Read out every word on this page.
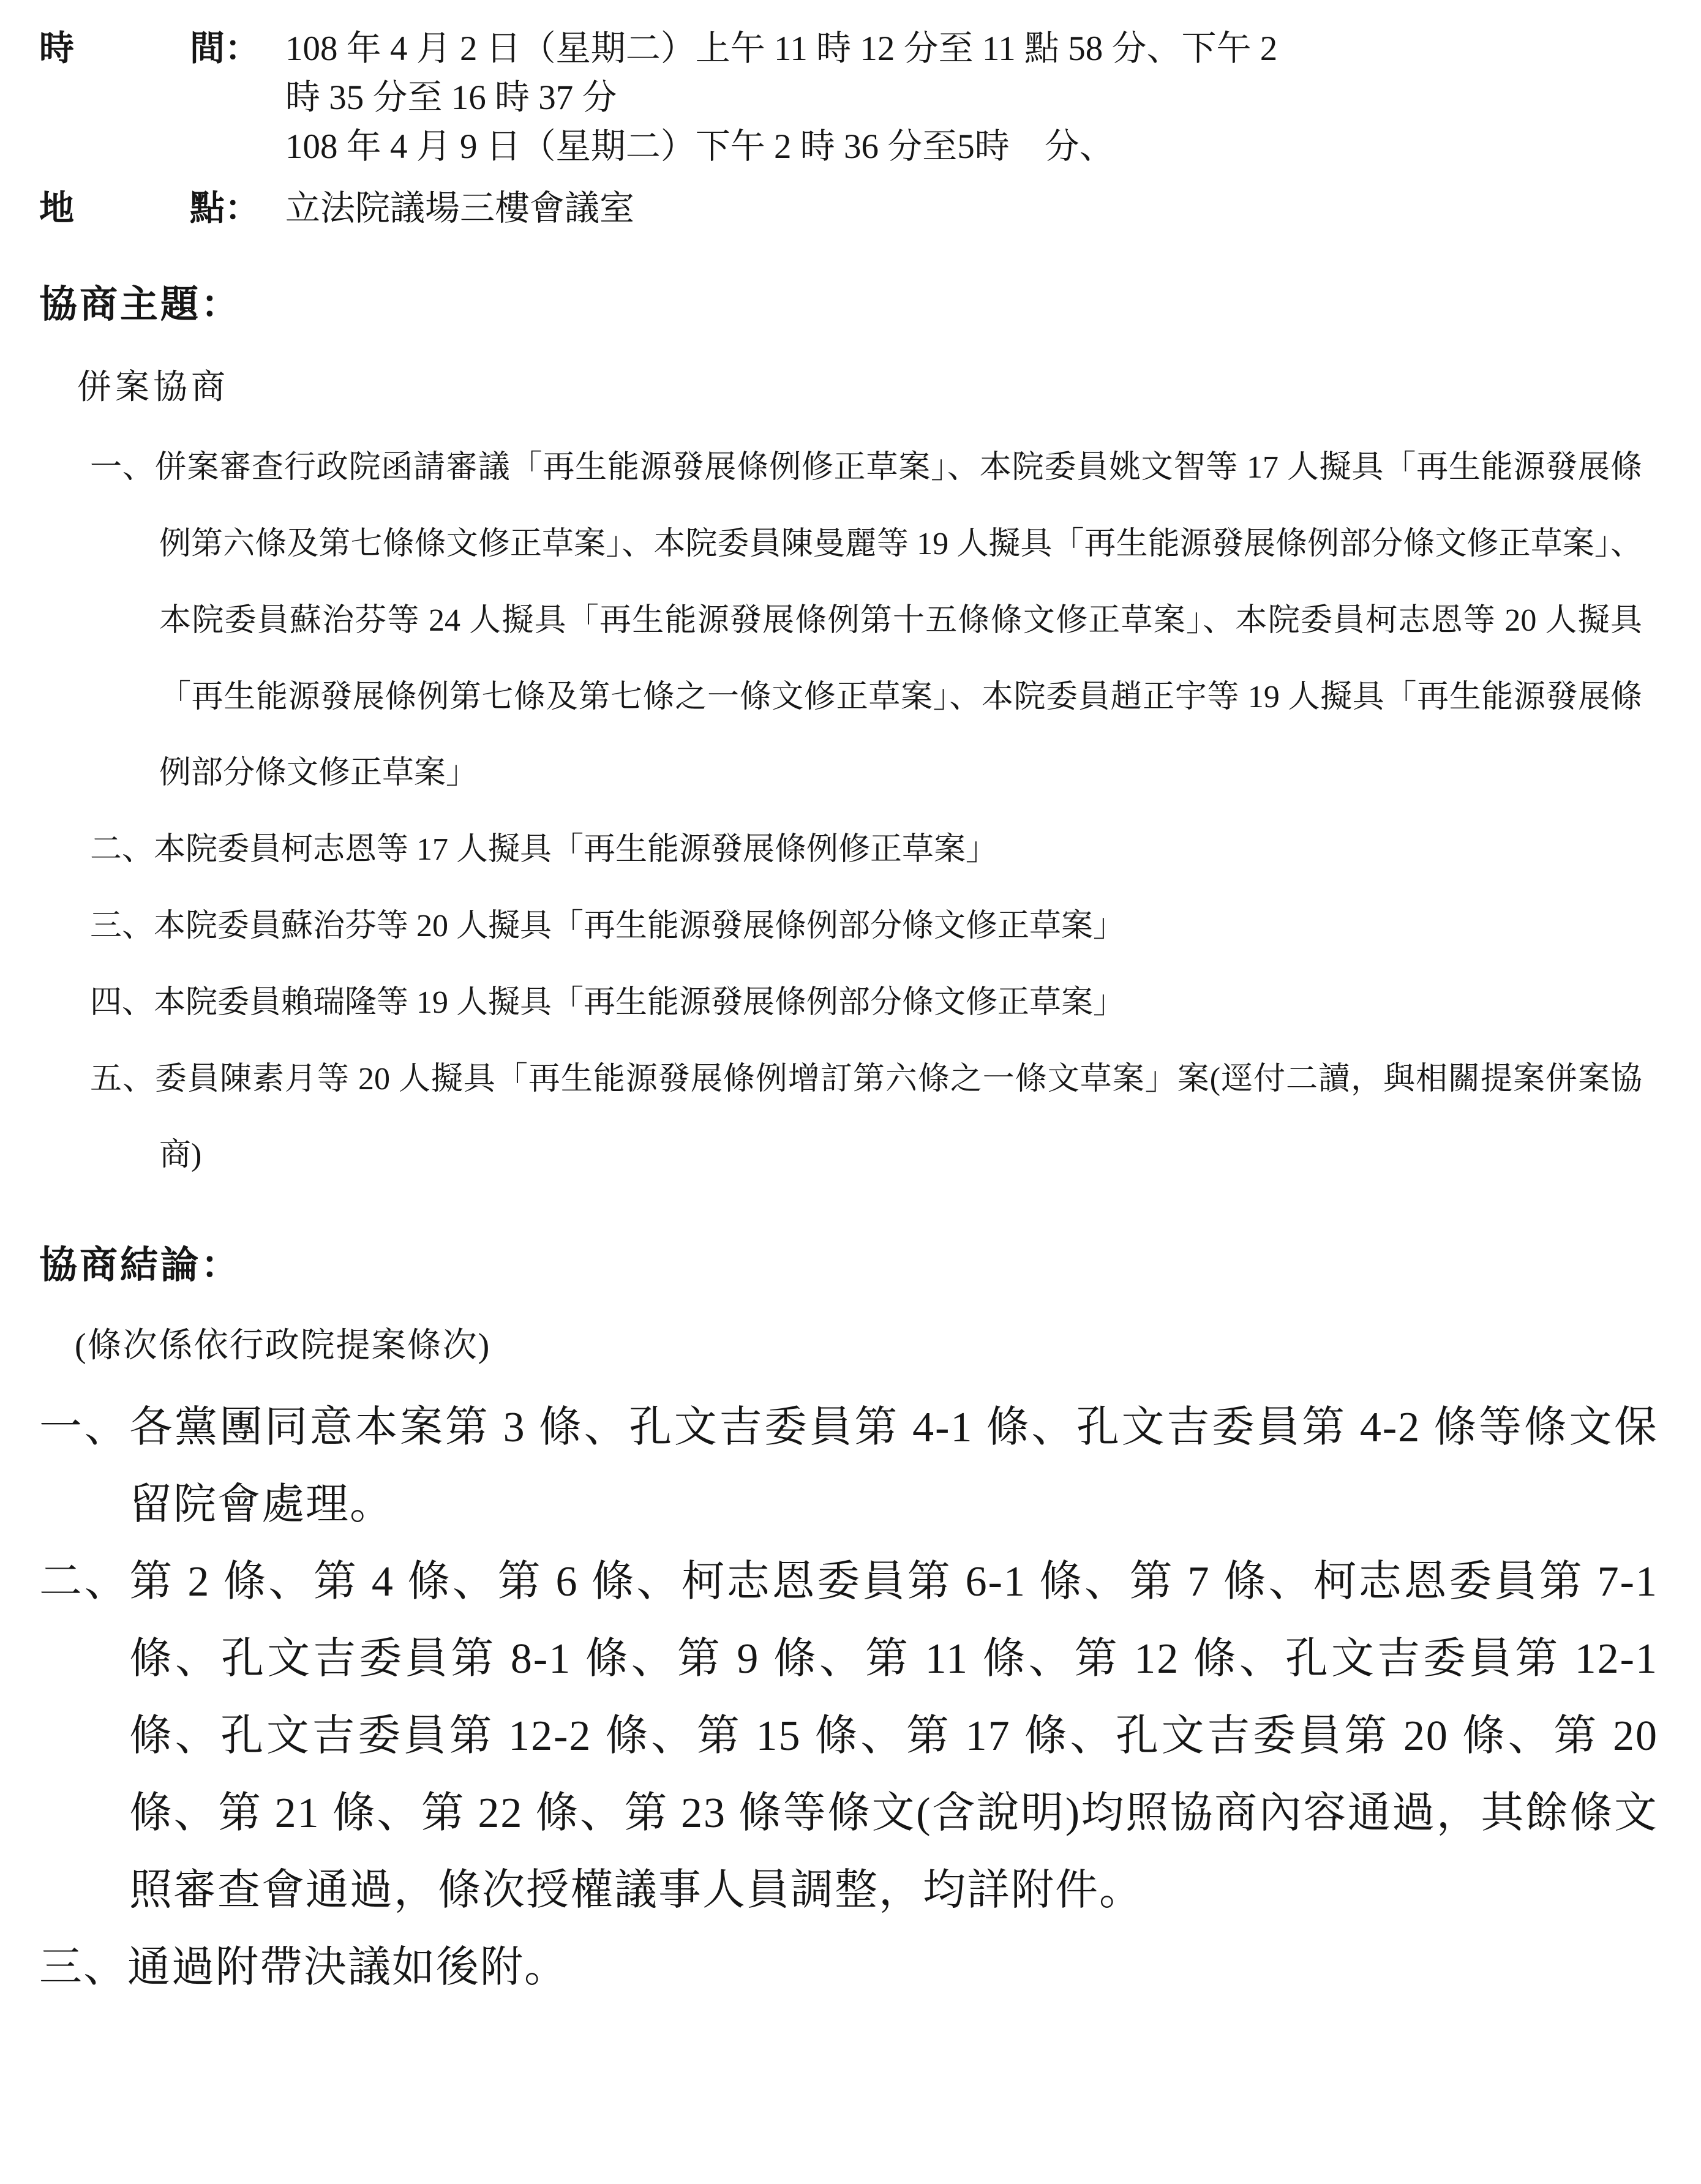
時	間： 108 年 4 月 2 日（星期二）上午 11 時 12 分至 11 點 58 分、下午 2
時 35 分至 16 時 37 分
108 年 4 月 9 日（星期二）下午 2 時 36 分至5時　分、
地	點： 立法院議場三樓會議室
協商主題：
併案協商
一、併案審查行政院函請審議「再生能源發展條例修正草案」、本院委員姚文智等 17 人擬具「再生能源發展條例第六條及第七條條文修正草案」、本院委員陳曼麗等 19 人擬具「再生能源發展條例部分條文修正草案」、本院委員蘇治芬等 24 人擬具「再生能源發展條例第十五條條文修正草案」、本院委員柯志恩等 20 人擬具「再生能源發展條例第七條及第七條之一條文修正草案」、本院委員趙正宇等 19 人擬具「再生能源發展條例部分條文修正草案」
二、本院委員柯志恩等 17 人擬具「再生能源發展條例修正草案」
三、本院委員蘇治芬等 20 人擬具「再生能源發展條例部分條文修正草案」
四、本院委員賴瑞隆等 19 人擬具「再生能源發展條例部分條文修正草案」
五、委員陳素月等 20 人擬具「再生能源發展條例增訂第六條之一條文草案」案(逕付二讀，與相關提案併案協商)
協商結論：
(條次係依行政院提案條次)
一、各黨團同意本案第 3 條、孔文吉委員第 4-1 條、孔文吉委員第 4-2 條等條文保留院會處理。
二、第 2 條、第 4 條、第 6 條、柯志恩委員第 6-1 條、第 7 條、柯志恩委員第 7-1 條、孔文吉委員第 8-1 條、第 9 條、第 11 條、第 12 條、孔文吉委員第 12-1 條、孔文吉委員第 12-2 條、第 15 條、第 17 條、孔文吉委員第 20 條、第 20 條、第 21 條、第 22 條、第 23 條等條文(含說明)均照協商內容通過，其餘條文照審查會通過，條次授權議事人員調整，均詳附件。
三、通過附帶決議如後附。
